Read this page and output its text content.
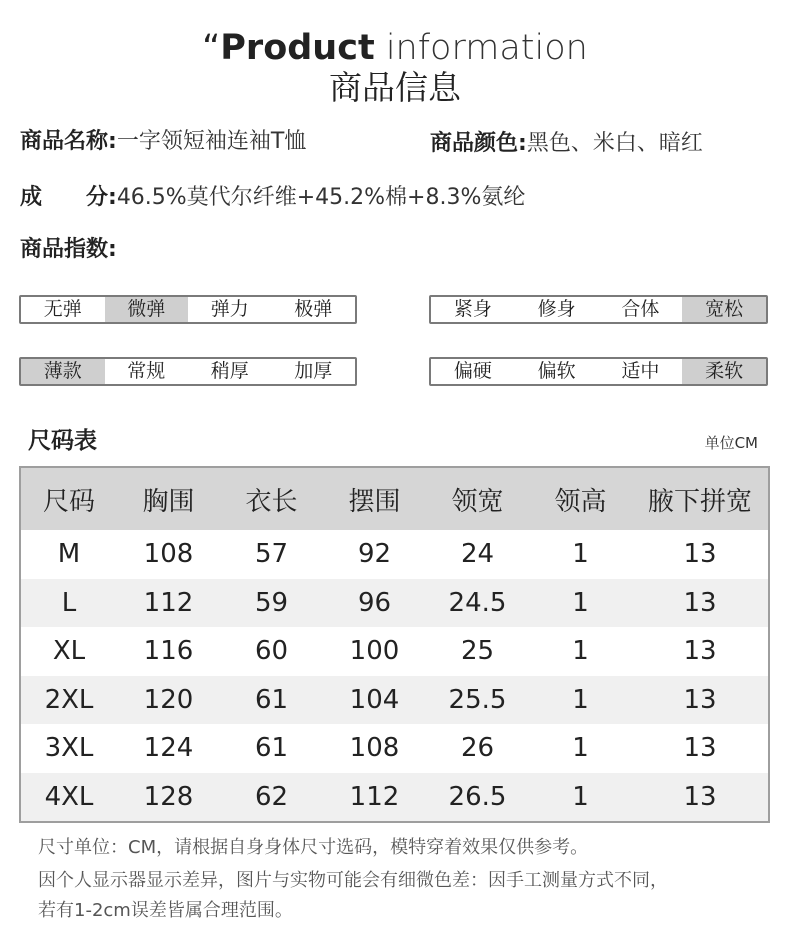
“Product information
商品信息
商品名称:一字领短袖连袖T恤	商品颜色:黑色、米白、暗红
成　　分:46.5%莫代尔纤维+45.2%棉+8.3%氨纶
商品指数:
无弹	微弹	弹力	极弹	紧身	修身	合体	宽松
薄款	常规	稍厚	加厚	偏硬	偏软	适中	柔软
尺码表	单位CM
尺码	胸围	衣长	摆围	领宽	领高	腋下拼宽
M	108	57	92	24	1	13
L	112	59	96	24.5	1	13
XL	116	60	100	25	1	13
2XL	120	61	104	25.5	1	13
3XL	124	61	108	26	1	13
4XL	128	62	112	26.5	1	13
尺寸单位：CM，请根据自身身体尺寸选码，模特穿着效果仅供参考。
因个人显示器显示差异，图片与实物可能会有细微色差：因手工测量方式不同，
若有1-2cm误差皆属合理范围。
